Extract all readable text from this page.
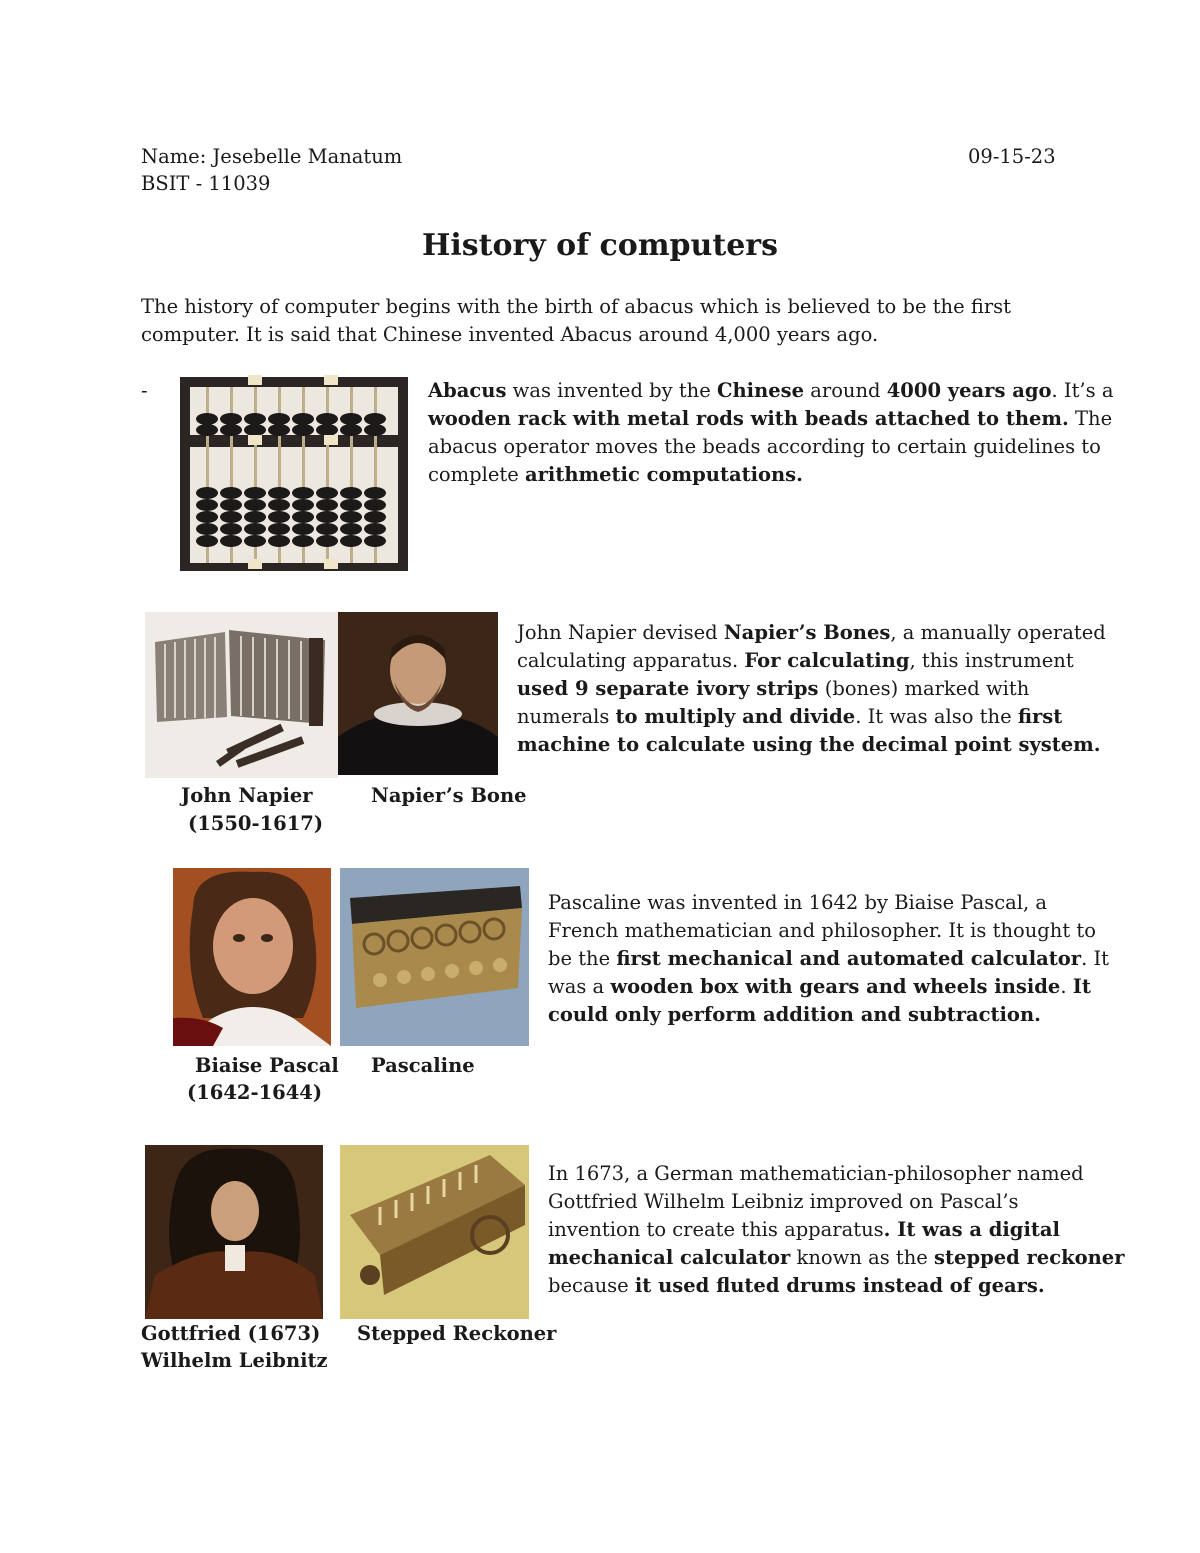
Name: Jesebelle Manatum	09-15-23
BSIT - 11039
History of computers
The history of computer begins with the birth of abacus which is believed to be the first
computer. It is said that Chinese invented Abacus around 4,000 years ago.
-	Abacus was invented by the Chinese around 4000 years ago. It’s a
wooden rack with metal rods with beads attached to them. The
abacus operator moves the beads according to certain guidelines to
complete arithmetic computations.
John Napier
(1550-1617)
Napier’s Bone
John Napier devised Napier’s Bones, a manually operated
calculating apparatus. For calculating, this instrument
used 9 separate ivory strips (bones) marked with
numerals to multiply and divide. It was also the first
machine to calculate using the decimal point system.
Biaise Pascal
(1642-1644)
Pascaline
Pascaline was invented in 1642 by Biaise Pascal, a
French mathematician and philosopher. It is thought to
be the first mechanical and automated calculator. It
was a wooden box with gears and wheels inside. It
could only perform addition and subtraction.
Gottfried (1673)
Wilhelm Leibnitz
Stepped Reckoner
In 1673, a German mathematician-philosopher named
Gottfried Wilhelm Leibniz improved on Pascal’s
invention to create this apparatus. It was a digital
mechanical calculator known as the stepped reckoner
because it used fluted drums instead of gears.
